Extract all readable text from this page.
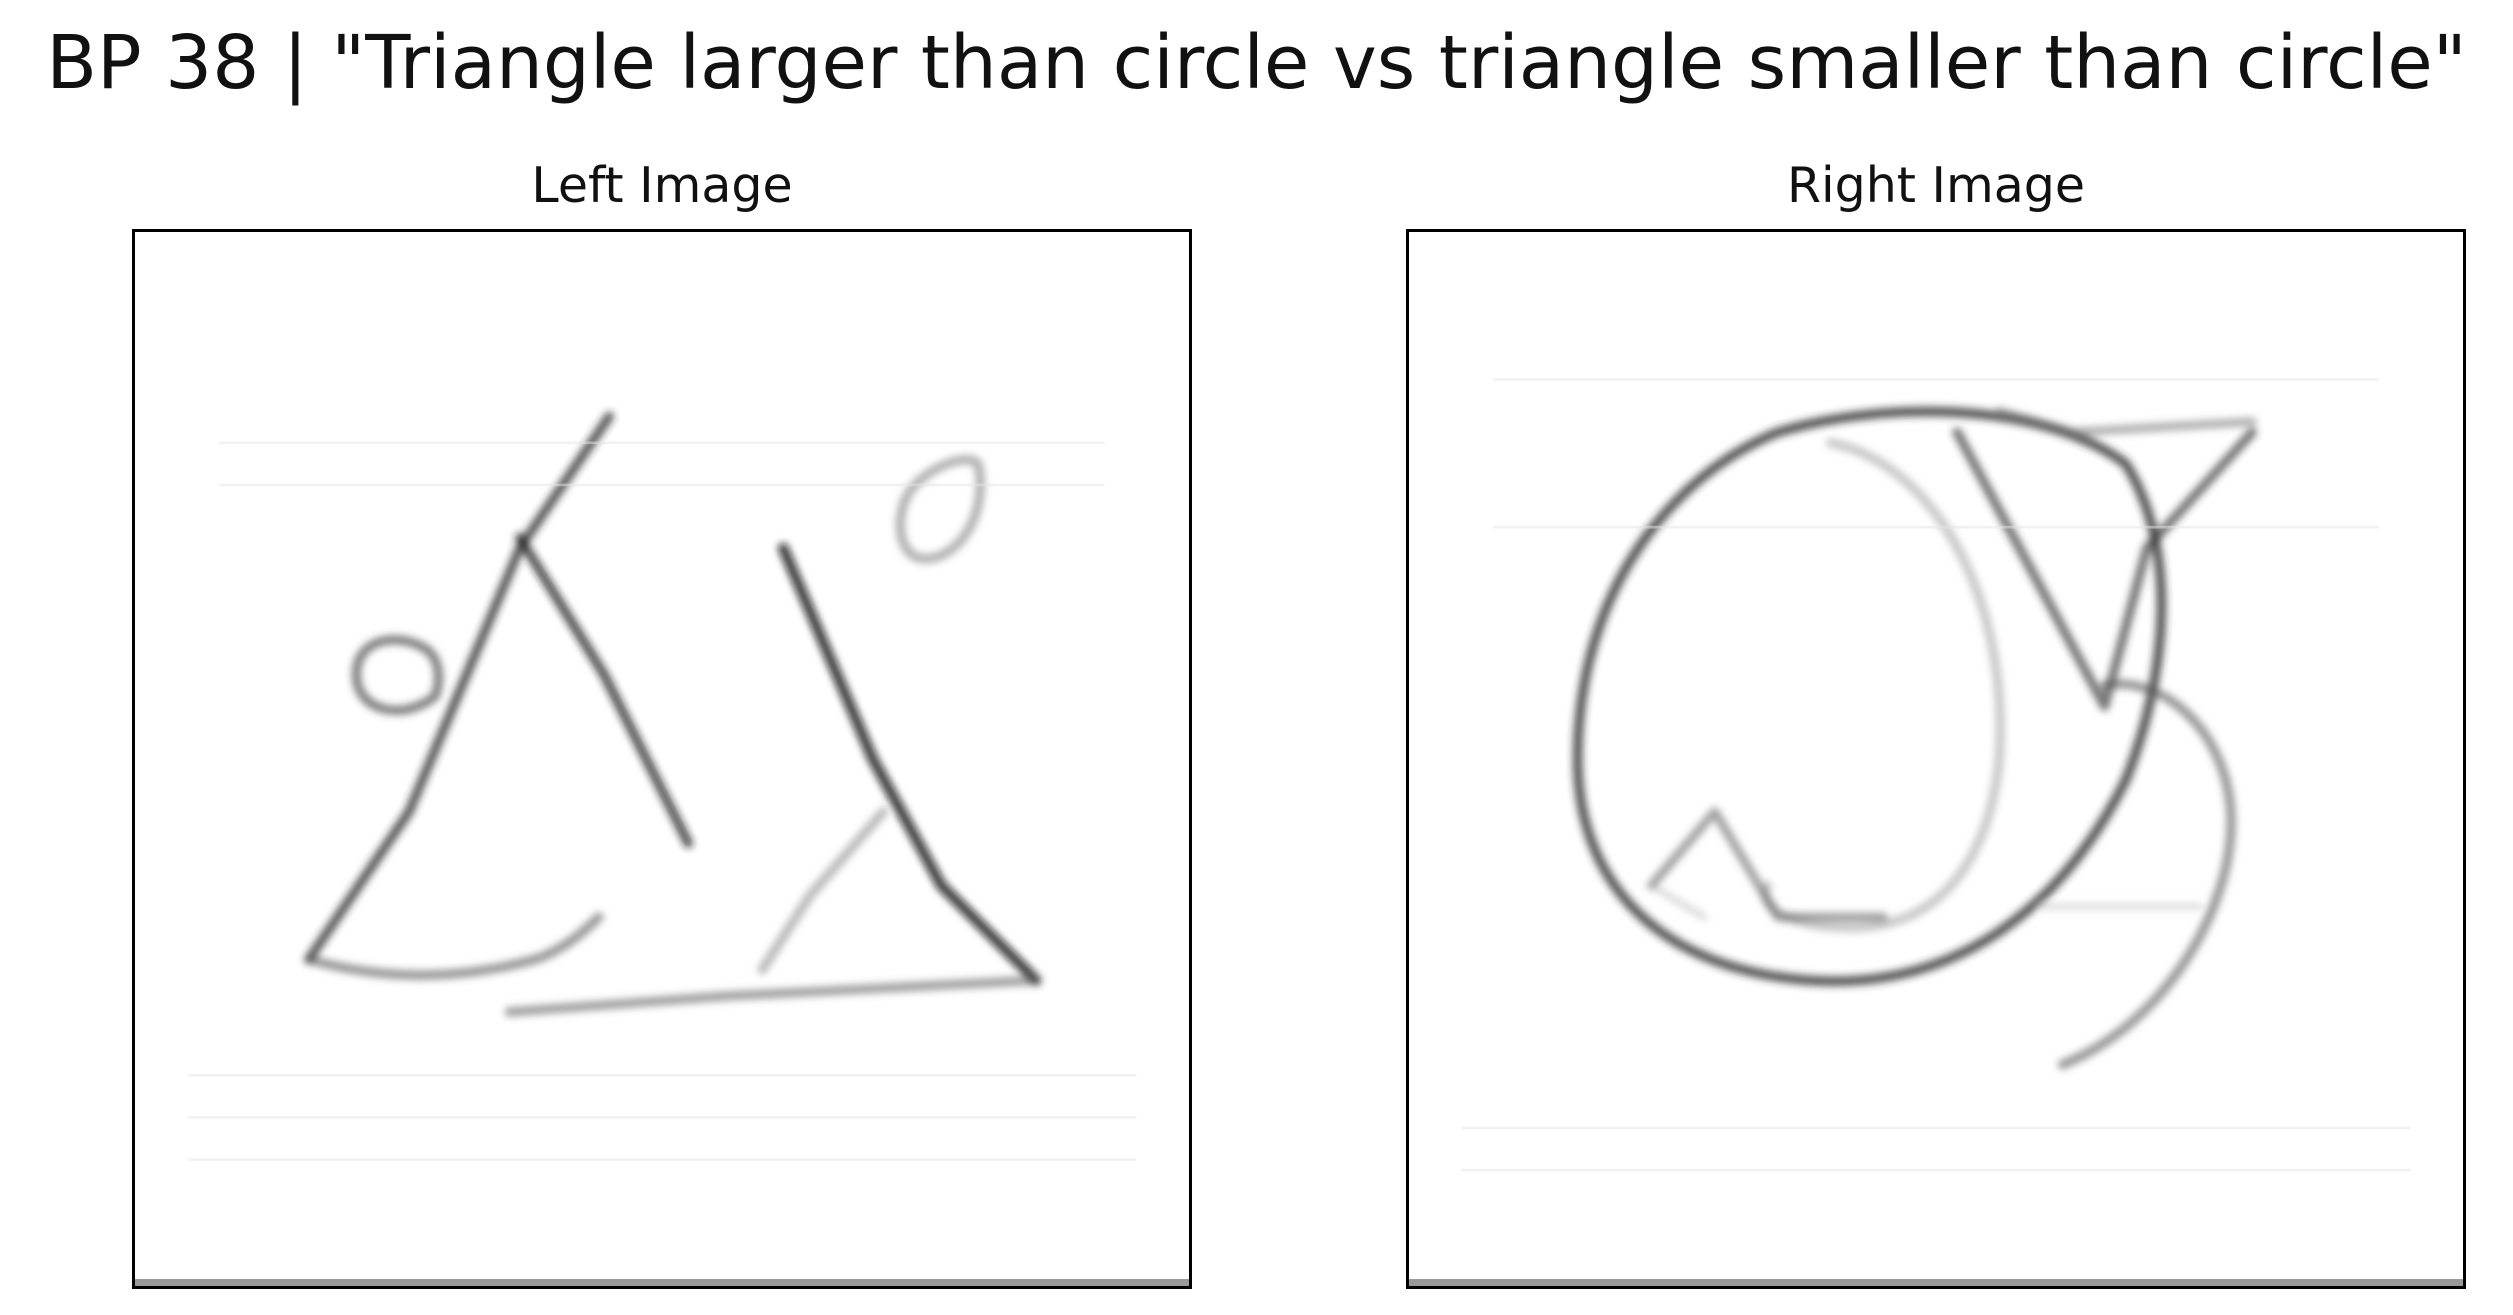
BP 38 | "Triangle larger than circle vs triangle smaller than circle"
Left Image	Right Image
